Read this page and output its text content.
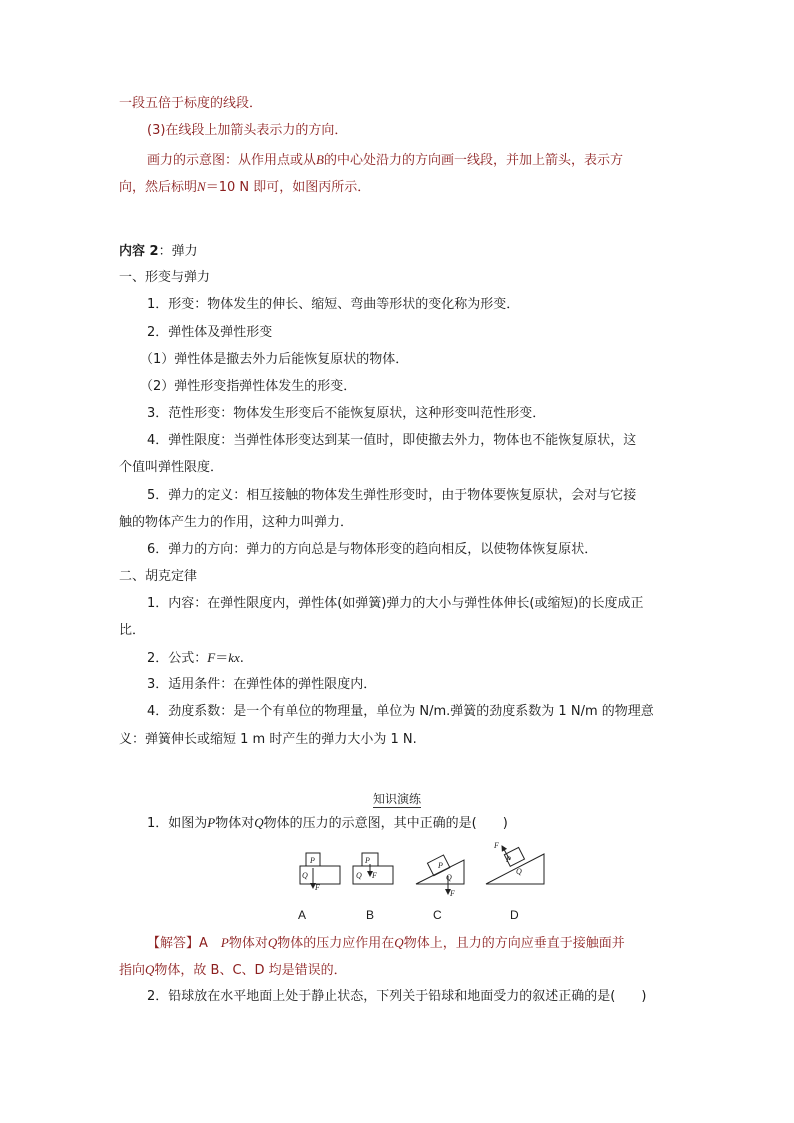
一段五倍于标度的线段．
(3)在线段上加箭头表示力的方向．
画力的示意图：从作用点或从B的中心处沿力的方向画一线段，并加上箭头，表示方
向，然后标明N＝10 N 即可，如图丙所示．
内容 2：弹力
一、形变与弹力
1．形变：物体发生的伸长、缩短、弯曲等形状的变化称为形变．
2．弹性体及弹性形变
（1）弹性体是撤去外力后能恢复原状的物体．
（2）弹性形变指弹性体发生的形变．
3．范性形变：物体发生形变后不能恢复原状，这种形变叫范性形变．
4．弹性限度：当弹性体形变达到某一值时，即使撤去外力，物体也不能恢复原状，这
个值叫弹性限度．
5．弹力的定义：相互接触的物体发生弹性形变时，由于物体要恢复原状，会对与它接
触的物体产生力的作用，这种力叫弹力．
6．弹力的方向：弹力的方向总是与物体形变的趋向相反，以使物体恢复原状．
二、胡克定律
1．内容：在弹性限度内，弹性体(如弹簧)弹力的大小与弹性体伸长(或缩短)的长度成正
比．
2．公式：F＝kx.
3．适用条件：在弹性体的弹性限度内．
4．劲度系数：是一个有单位的物理量，单位为 N/m.弹簧的劲度系数为 1 N/m 的物理意
义：弹簧伸长或缩短 1 m 时产生的弹力大小为 1 N.
知识演练
1．如图为P物体对Q物体的压力的示意图，其中正确的是(　　)
P
Q
F
P
Q F
P
Q
F
P
Q
F
A	B	C	D
【解答】A　P物体对Q物体的压力应作用在Q物体上，且力的方向应垂直于接触面并
指向Q物体，故 B、C、D 均是错误的．
2．铅球放在水平地面上处于静止状态，下列关于铅球和地面受力的叙述正确的是(　　)
